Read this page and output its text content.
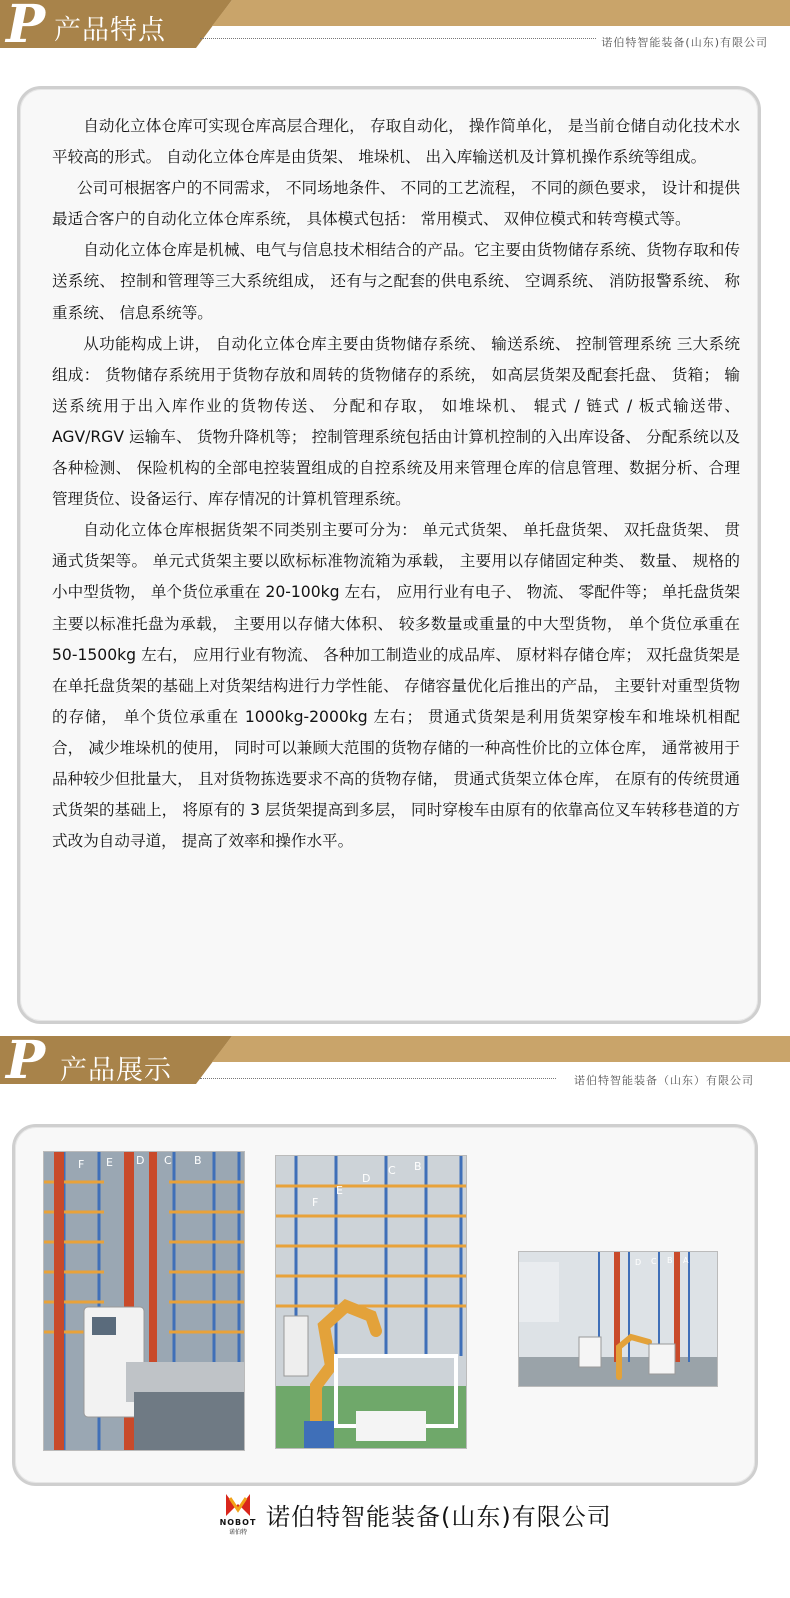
P 产品特点	诺伯特智能装备(山东)有限公司

自动化立体仓库可实现仓库高层合理化， 存取自动化， 操作简单化， 是当前仓储自动化技术水平较高的形式。 自动化立体仓库是由货架、 堆垛机、 出入库输送机及计算机操作系统等组成。

公司可根据客户的不同需求， 不同场地条件、 不同的工艺流程， 不同的颜色要求， 设计和提供最适合客户的自动化立体仓库系统， 具体模式包括： 常用模式、 双伸位模式和转弯模式等。

自动化立体仓库是机械、电气与信息技术相结合的产品。它主要由货物储存系统、货物存取和传送系统、 控制和管理等三大系统组成， 还有与之配套的供电系统、 空调系统、 消防报警系统、 称重系统、 信息系统等。

从功能构成上讲， 自动化立体仓库主要由货物储存系统、 输送系统、 控制管理系统 三大系统组成： 货物储存系统用于货物存放和周转的货物储存的系统， 如高层货架及配套托盘、 货箱； 输送系统用于出入库作业的货物传送、 分配和存取， 如堆垛机、 辊式 / 链式 / 板式输送带、 AGV/RGV 运输车、 货物升降机等； 控制管理系统包括由计算机控制的入出库设备、 分配系统以及各种检测、 保险机构的全部电控装置组成的自控系统及用来管理仓库的信息管理、数据分析、合理管理货位、设备运行、库存情况的计算机管理系统。

自动化立体仓库根据货架不同类别主要可分为： 单元式货架、 单托盘货架、 双托盘货架、 贯通式货架等。 单元式货架主要以欧标标准物流箱为承载， 主要用以存储固定种类、 数量、 规格的小中型货物， 单个货位承重在 20-100kg 左右， 应用行业有电子、 物流、 零配件等； 单托盘货架主要以标准托盘为承载， 主要用以存储大体积、 较多数量或重量的中大型货物， 单个货位承重在 50-1500kg 左右， 应用行业有物流、 各种加工制造业的成品库、 原材料存储仓库； 双托盘货架是在单托盘货架的基础上对货架结构进行力学性能、 存储容量优化后推出的产品， 主要针对重型货物的存储， 单个货位承重在 1000kg-2000kg 左右； 贯通式货架是利用货架穿梭车和堆垛机相配合， 减少堆垛机的使用， 同时可以兼顾大范围的货物存储的一种高性价比的立体仓库， 通常被用于品种较少但批量大， 且对货物拣选要求不高的货物存储， 贯通式货架立体仓库， 在原有的传统贯通式货架的基础上， 将原有的 3 层货架提高到多层， 同时穿梭车由原有的依靠高位叉车转移巷道的方式改为自动寻道， 提高了效率和操作水平。

P 产品展示	诺伯特智能装备（山东）有限公司
F E D C B
F
E
D
C B
D C B A
NOBOT
诺伯特
诺伯特智能装备(山东)有限公司
